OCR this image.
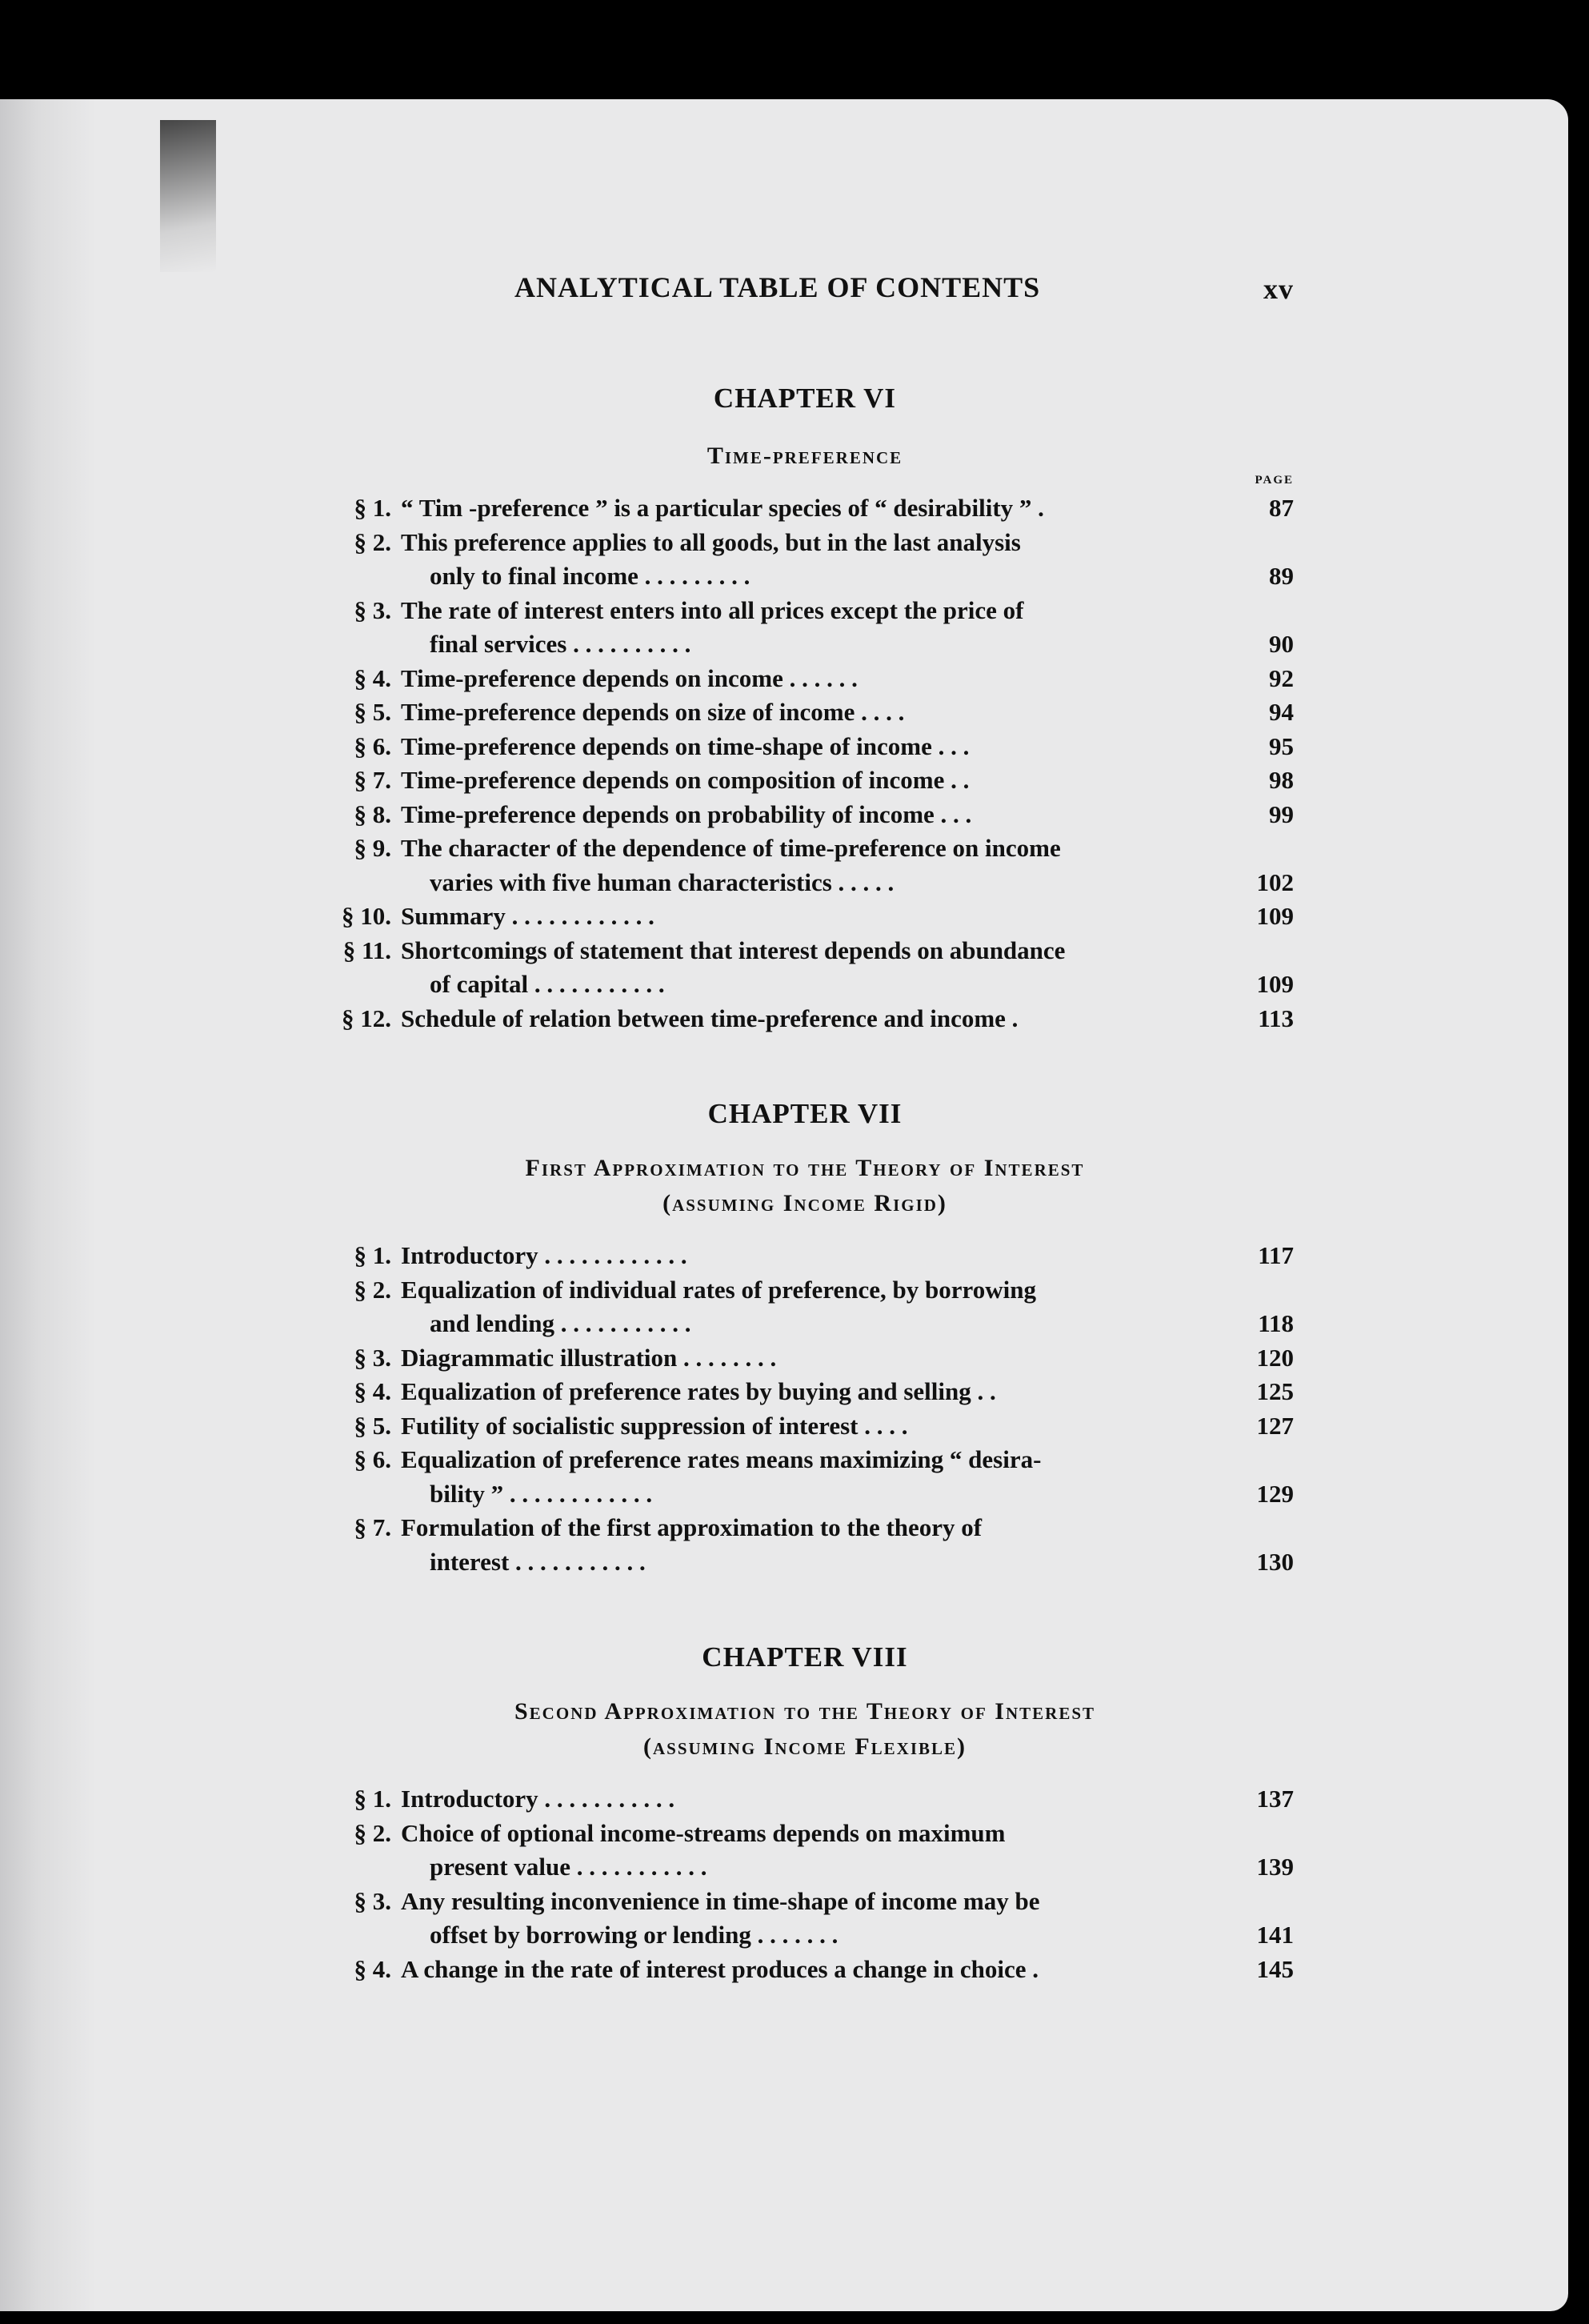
ANALYTICAL TABLE OF CONTENTS	xv
CHAPTER VI
Time-preference
PAGE
§ 1. “ Tim -preference ” is a particular species of “ desirability ” .	87
§ 2. This preference applies to all goods, but in the last analysis
only to final income . . . . . . . . .	89
§ 3. The rate of interest enters into all prices except the price of
final services . . . . . . . . . .	90
§ 4. Time-preference depends on income . . . . . .	92
§ 5. Time-preference depends on size of income . . . .	94
§ 6. Time-preference depends on time-shape of income . . .	95
§ 7. Time-preference depends on composition of income . .	98
§ 8. Time-preference depends on probability of income . . .	99
§ 9. The character of the dependence of time-preference on income
varies with five human characteristics . . . . .	102
§ 10. Summary . . . . . . . . . . . .	109
§ 11. Shortcomings of statement that interest depends on abundance
of capital . . . . . . . . . . .	109
§ 12. Schedule of relation between time-preference and income .	113
CHAPTER VII
First Approximation to the Theory of Interest
(assuming Income Rigid)
§ 1. Introductory . . . . . . . . . . . .	117
§ 2. Equalization of individual rates of preference, by borrowing
and lending . . . . . . . . . . .	118
§ 3. Diagrammatic illustration . . . . . . . .	120
§ 4. Equalization of preference rates by buying and selling . .	125
§ 5. Futility of socialistic suppression of interest . . . .	127
§ 6. Equalization of preference rates means maximizing “ desira-
bility ” . . . . . . . . . . . .	129
§ 7. Formulation of the first approximation to the theory of
interest . . . . . . . . . . .	130
CHAPTER VIII
Second Approximation to the Theory of Interest
(assuming Income Flexible)
§ 1. Introductory . . . . . . . . . . .	137
§ 2. Choice of optional income-streams depends on maximum
present value . . . . . . . . . . .	139
§ 3. Any resulting inconvenience in time-shape of income may be
offset by borrowing or lending . . . . . . .	141
§ 4. A change in the rate of interest produces a change in choice .	145
